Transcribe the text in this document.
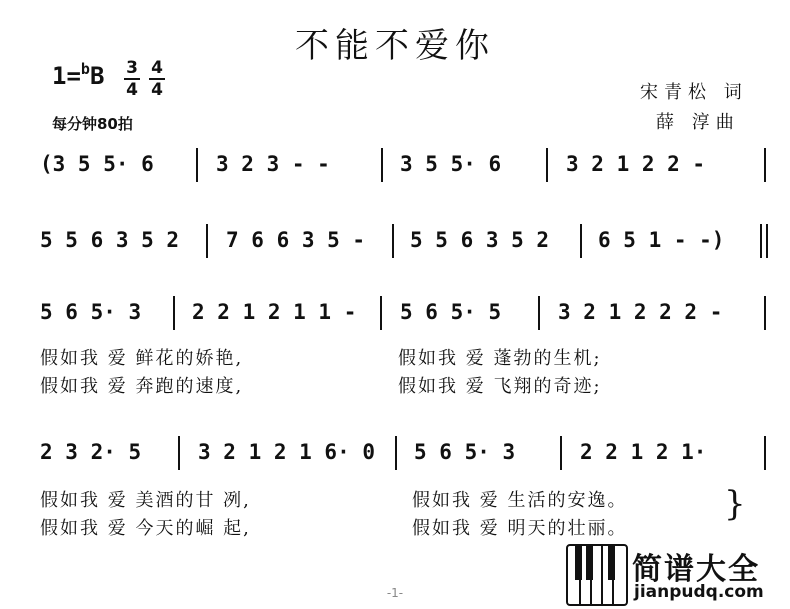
不能不爱你
1=$^b$B 3
4
4
4
每分钟80拍
宋青松 词
薛 淳曲
(3 5 5· 6	3 2 3 - -	3 5 5· 6	3 2 1 2 2 -
5 5 6 3 5 2 7 6 6 3 5 - 5 5 6 3 5 2 6 5 1 - -)
5 6 5· 3 2 2 1 2 1 1 - 5 6 5· 5	3 2 1 2 2 2 -
假如我 爱 鲜花的娇艳,	假如我 爱 蓬勃的生机;
假如我 爱 奔跑的速度,	假如我 爱 飞翔的奇迹;
2 3 2· 5	3 2 1 2 1 6· 0 5 6 5· 3	2 2 1 2 1·
假如我 爱 美酒的甘 冽,	假如我 爱 生活的安逸。
假如我 爱 今天的崛 起,	假如我 爱 明天的壮丽。
}
简谱大全
jianpudq.com
-1-
